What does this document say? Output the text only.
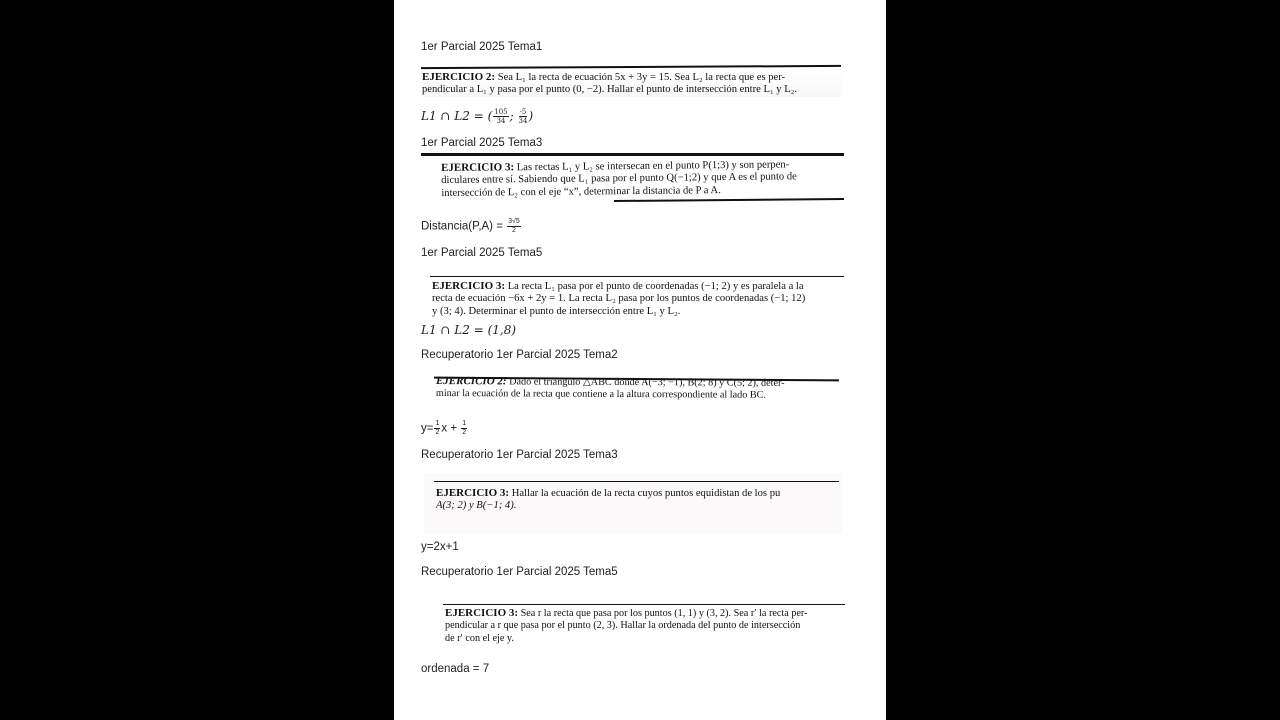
1er Parcial 2025 Tema1
EJERCICIO 2: Sea L₁ la recta de ecuación 5x + 3y = 15. Sea L₂ la recta que es per-
pendicular a L₁ y pasa por el punto (0, −2). Hallar el punto de intersección entre L₁ y L₂.
L1 ∩ L2 = ( $\frac{105}{34}$ ; $\frac{-5}{34}$ )
1er Parcial 2025 Tema3
EJERCICIO 3: Las rectas L₁ y L₂ se intersecan en el punto P(1;3) y son perpen-
diculares entre sí. Sabiendo que L₁ pasa por el punto Q(−1;2) y que A es el punto de
intersección de L₂ con el eje “x”, determinar la distancia de P a A.
Distancia(P,A) = $\frac{3√5}{2}$
1er Parcial 2025 Tema5
EJERCICIO 3: La recta L₁ pasa por el punto de coordenadas (−1; 2) y es paralela a la
recta de ecuación −6x + 2y = 1. La recta L₂ pasa por los puntos de coordenadas (−1; 12)
y (3; 4). Determinar el punto de intersección entre L₁ y L₂.
L1 ∩ L2 = (1,8)
Recuperatorio 1er Parcial 2025 Tema2
EJERCICIO 2: Dado el triángulo △ABC donde A(−3; −1), B(2; 8) y C(5; 2), deter-
minar la ecuación de la recta que contiene a la altura correspondiente al lado BC.
$y= \frac{1}{2}$ $x + \frac{1}{2}$
Recuperatorio 1er Parcial 2025 Tema3
EJERCICIO 3: Hallar la ecuación de la recta cuyos puntos equidistan de los pu
A(3; 2) y B(−1; 4).
y=2x+1
Recuperatorio 1er Parcial 2025 Tema5
EJERCICIO 3: Sea r la recta que pasa por los puntos (1, 1) y (3, 2). Sea r′ la recta per-
pendicular a r que pasa por el punto (2, 3). Hallar la ordenada del punto de intersección
de r′ con el eje y.
ordenada = 7
